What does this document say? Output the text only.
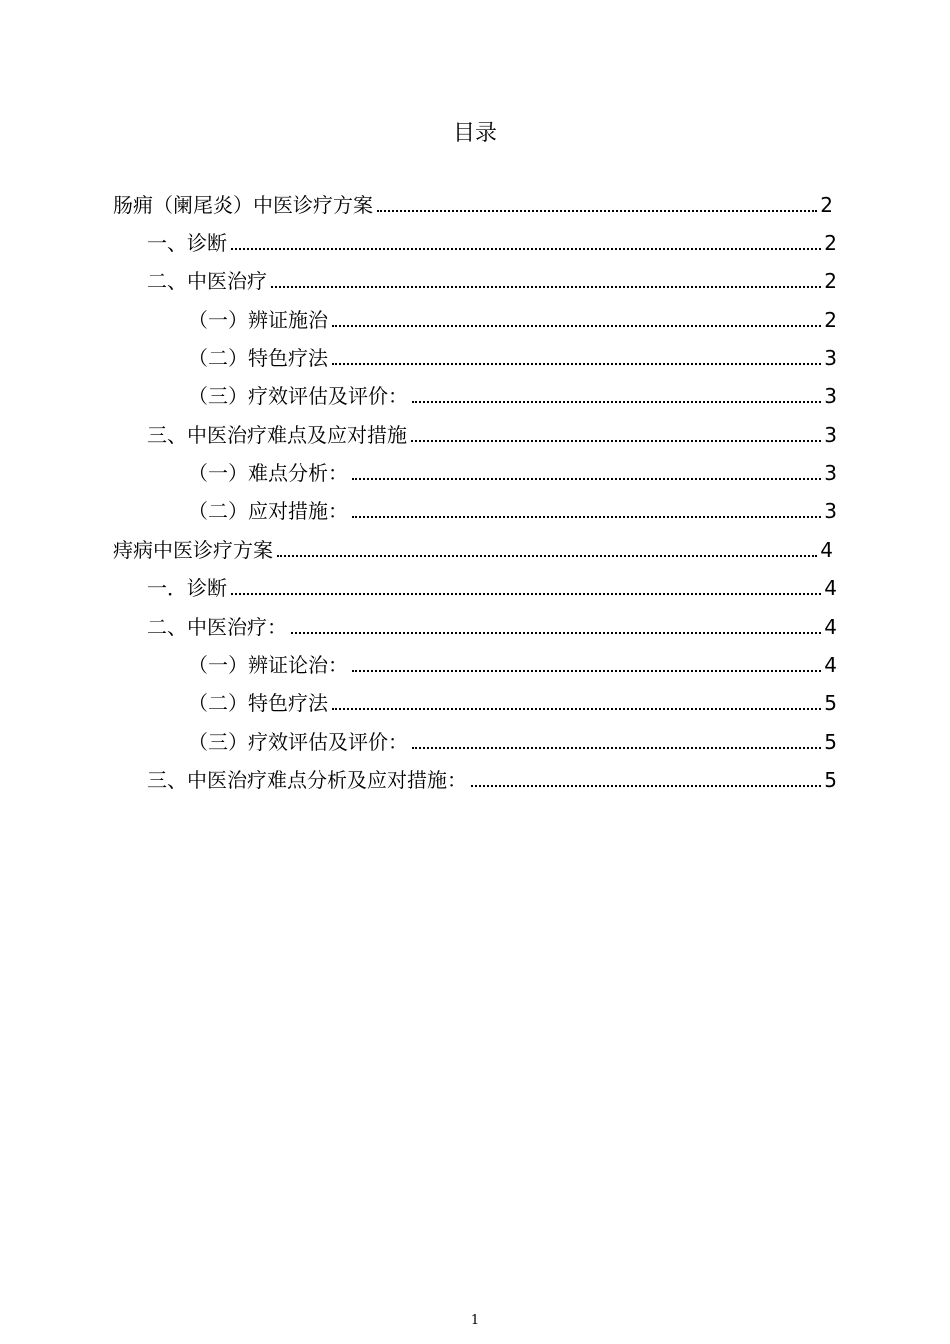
目录
肠痈（阑尾炎）中医诊疗方案	2
一、诊断	2
二、中医治疗	2
（一）辨证施治	2
（二）特色疗法	3
（三）疗效评估及评价：	3
三、中医治疗难点及应对措施	3
（一）难点分析：	3
（二）应对措施：	3
痔病中医诊疗方案	4
一．诊断	4
二、中医治疗：	4
（一）辨证论治：	4
（二）特色疗法	5
（三）疗效评估及评价：	5
三、中医治疗难点分析及应对措施：	5
1
